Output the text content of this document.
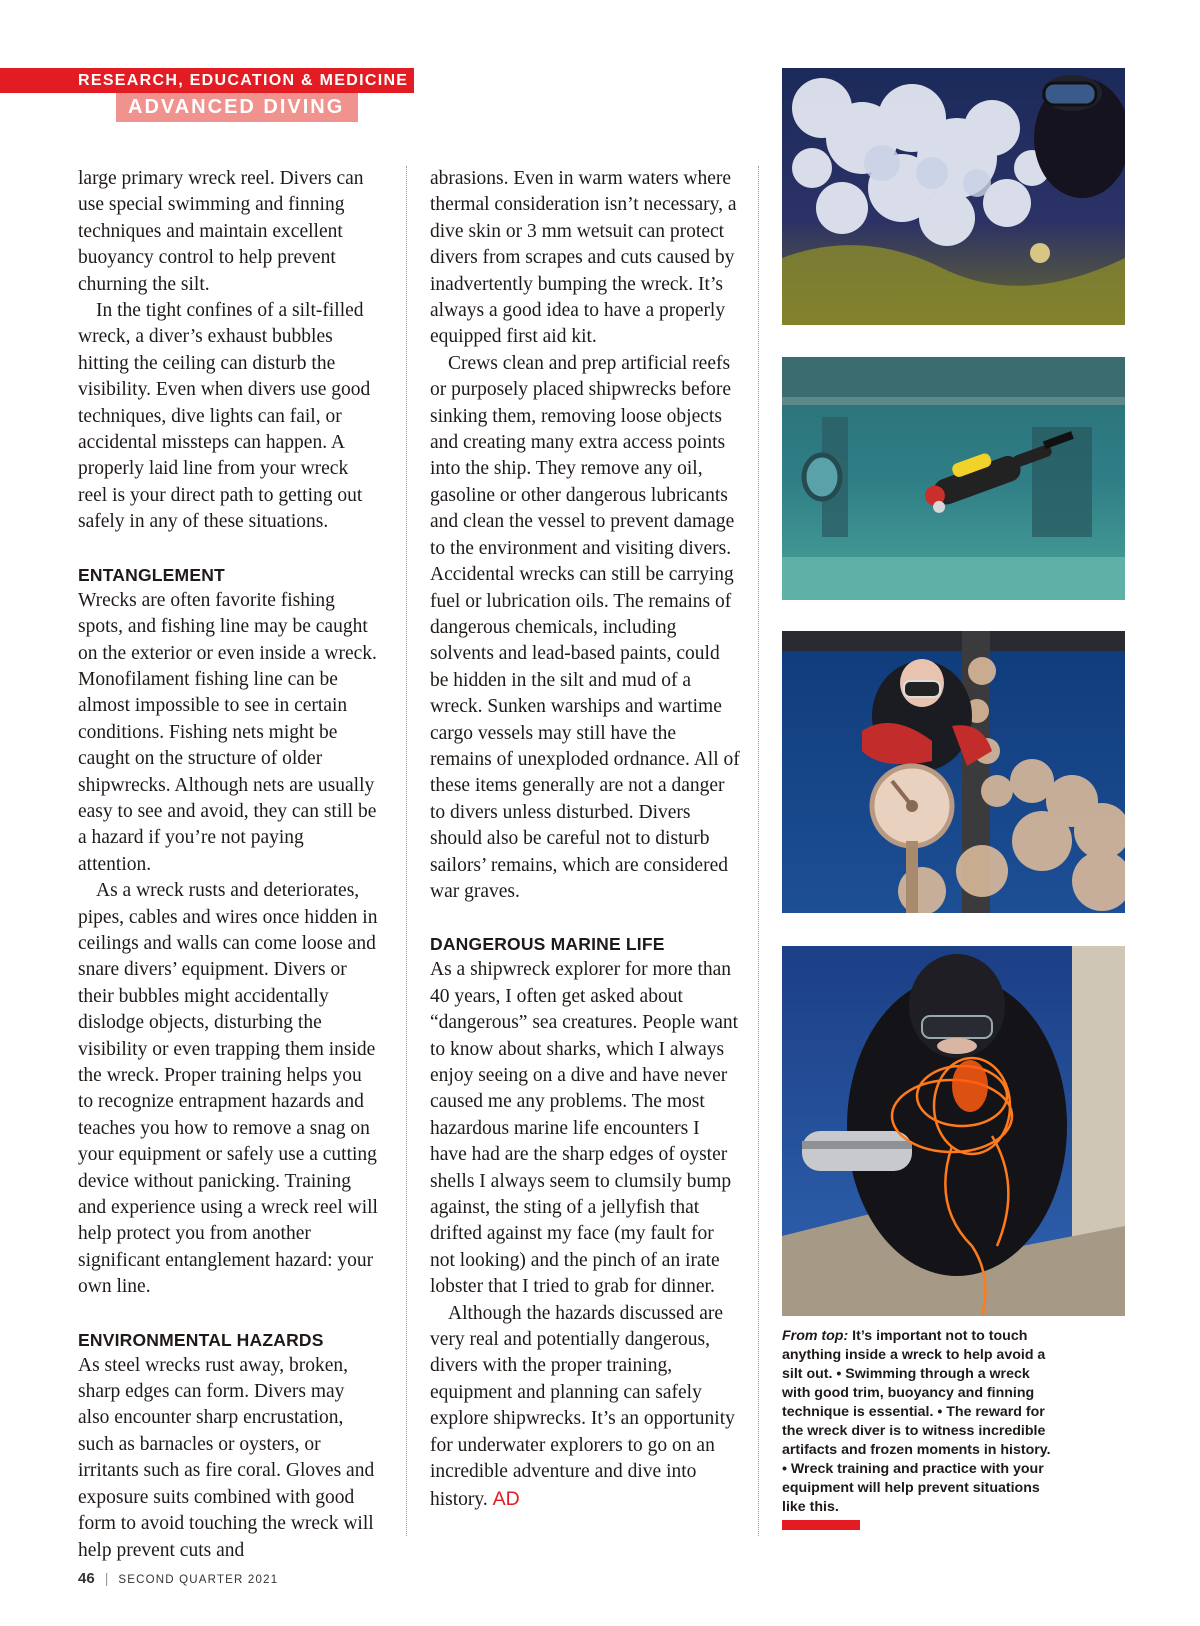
RESEARCH, EDUCATION & MEDICINE
ADVANCED DIVING

large primary wreck reel. Divers can use special swimming and finning techniques and maintain excellent buoyancy control to help prevent churning the silt.

In the tight confines of a silt-filled wreck, a diver’s exhaust bubbles hitting the ceiling can disturb the visibility. Even when divers use good techniques, dive lights can fail, or accidental missteps can happen. A properly laid line from your wreck reel is your direct path to getting out safely in any of these situations.

ENTANGLEMENT

Wrecks are often favorite fishing spots, and fishing line may be caught on the exterior or even inside a wreck. Monofilament fishing line can be almost impossible to see in certain conditions. Fishing nets might be caught on the structure of older shipwrecks. Although nets are usually easy to see and avoid, they can still be a hazard if you’re not paying attention.

As a wreck rusts and deteriorates, pipes, cables and wires once hidden in ceilings and walls can come loose and snare divers’ equipment. Divers or their bubbles might accidentally dislodge objects, disturbing the visibility or even trapping them inside the wreck. Proper training helps you to recognize entrapment hazards and teaches you how to remove a snag on your equipment or safely use a cutting device without panicking. Training and experience using a wreck reel will help protect you from another significant entanglement hazard: your own line.

ENVIRONMENTAL HAZARDS

As steel wrecks rust away, broken, sharp edges can form. Divers may also encounter sharp encrustation, such as barnacles or oysters, or irritants such as fire coral. Gloves and exposure suits combined with good form to avoid touching the wreck will help prevent cuts and

abrasions. Even in warm waters where thermal consideration isn’t necessary, a dive skin or 3 mm wetsuit can protect divers from scrapes and cuts caused by inadvertently bumping the wreck. It’s always a good idea to have a properly equipped first aid kit.

Crews clean and prep artificial reefs or purposely placed shipwrecks before sinking them, removing loose objects and creating many extra access points into the ship. They remove any oil, gasoline or other dangerous lubricants and clean the vessel to prevent damage to the environment and visiting divers. Accidental wrecks can still be carrying fuel or lubrication oils. The remains of dangerous chemicals, including solvents and lead-based paints, could be hidden in the silt and mud of a wreck. Sunken warships and wartime cargo vessels may still have the remains of unexploded ordnance. All of these items generally are not a danger to divers unless disturbed. Divers should also be careful not to disturb sailors’ remains, which are considered war graves.

DANGEROUS MARINE LIFE

As a shipwreck explorer for more than 40 years, I often get asked about “dangerous” sea creatures. People want to know about sharks, which I always enjoy seeing on a dive and have never caused me any problems. The most hazardous marine life encounters I have had are the sharp edges of oyster shells I always seem to clumsily bump against, the sting of a jellyfish that drifted against my face (my fault for not looking) and the pinch of an irate lobster that I tried to grab for dinner.

Although the hazards discussed are very real and potentially dangerous, divers with the proper training, equipment and planning can safely explore shipwrecks. It’s an opportunity for underwater explorers to go on an incredible adventure and dive into history. AD

From top: It’s important not to touch anything inside a wreck to help avoid a silt out. • Swimming through a wreck with good trim, buoyancy and finning technique is essential. • The reward for the wreck diver is to witness incredible artifacts and frozen moments in history. • Wreck training and practice with your equipment will help prevent situations like this.
46 | SECOND QUARTER 2021
